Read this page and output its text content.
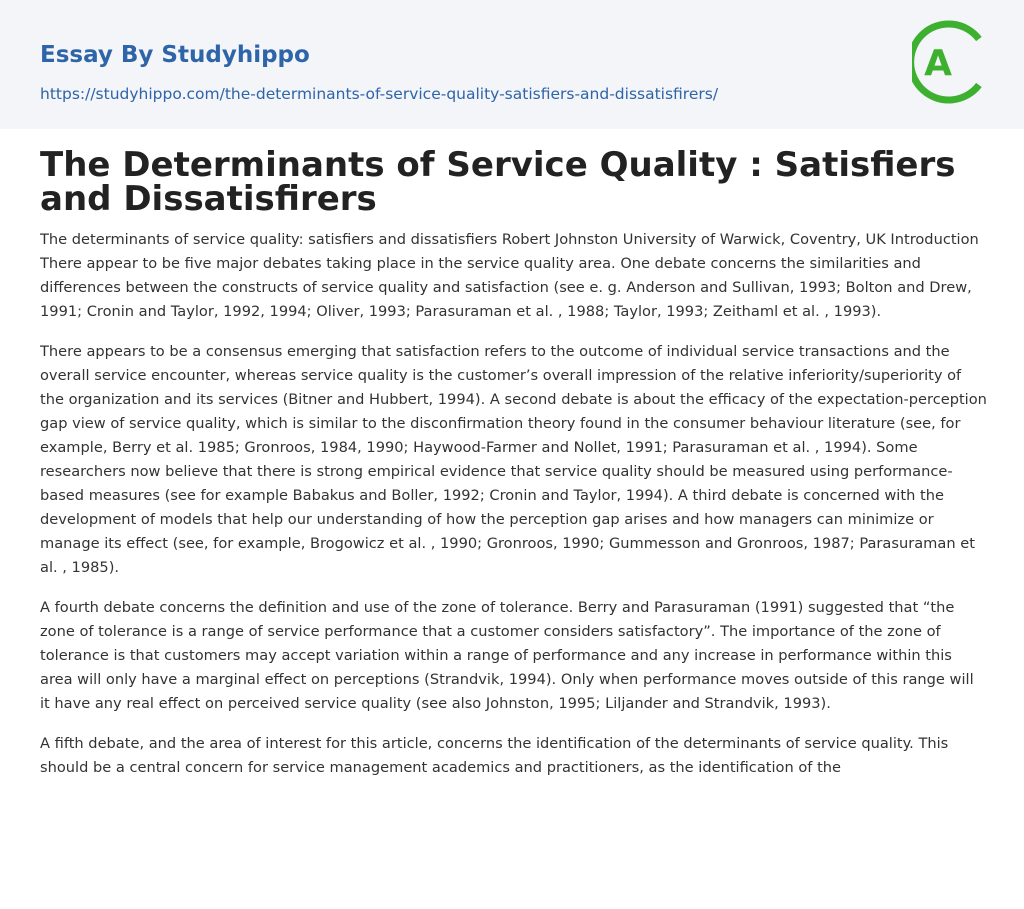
Essay By Studyhippo
https://studyhippo.com/the-determinants-of-service-quality-satisfiers-and-dissatisfirers/
A
The Determinants of Service Quality : Satisfiers and Dissatisfirers

The determinants of service quality: satisfiers and dissatisfiers Robert Johnston University of Warwick, Coventry, UK Introduction There appear to be five major debates taking place in the service quality area. One debate concerns the similarities and differences between the constructs of service quality and satisfaction (see e. g. Anderson and Sullivan, 1993; Bolton and Drew, 1991; Cronin and Taylor, 1992, 1994; Oliver, 1993; Parasuraman et al. , 1988; Taylor, 1993; Zeithaml et al. , 1993).

There appears to be a consensus emerging that satisfaction refers to the outcome of individual service transactions and the overall service encounter, whereas service quality is the customer’s overall impression of the relative inferiority/superiority of the organization and its services (Bitner and Hubbert, 1994). A second debate is about the efficacy of the expectation-perception gap view of service quality, which is similar to the disconfirmation theory found in the consumer behaviour literature (see, for example, Berry et al. 1985; Gronroos, 1984, 1990; Haywood-Farmer and Nollet, 1991; Parasuraman et al. , 1994). Some researchers now believe that there is strong empirical evidence that service quality should be measured using performance-based measures (see for example Babakus and Boller, 1992; Cronin and Taylor, 1994). A third debate is concerned with the development of models that help our understanding of how the perception gap arises and how managers can minimize or manage its effect (see, for example, Brogowicz et al. , 1990; Gronroos, 1990; Gummesson and Gronroos, 1987; Parasuraman et al. , 1985).

A fourth debate concerns the definition and use of the zone of tolerance. Berry and Parasuraman (1991) suggested that “the zone of tolerance is a range of service performance that a customer considers satisfactory”. The importance of the zone of tolerance is that customers may accept variation within a range of performance and any increase in performance within this area will only have a marginal effect on perceptions (Strandvik, 1994). Only when performance moves outside of this range will it have any real effect on perceived service quality (see also Johnston, 1995; Liljander and Strandvik, 1993).

A fifth debate, and the area of interest for this article, concerns the identification of the determinants of service quality. This should be a central concern for service management academics and practitioners, as the identification of the
